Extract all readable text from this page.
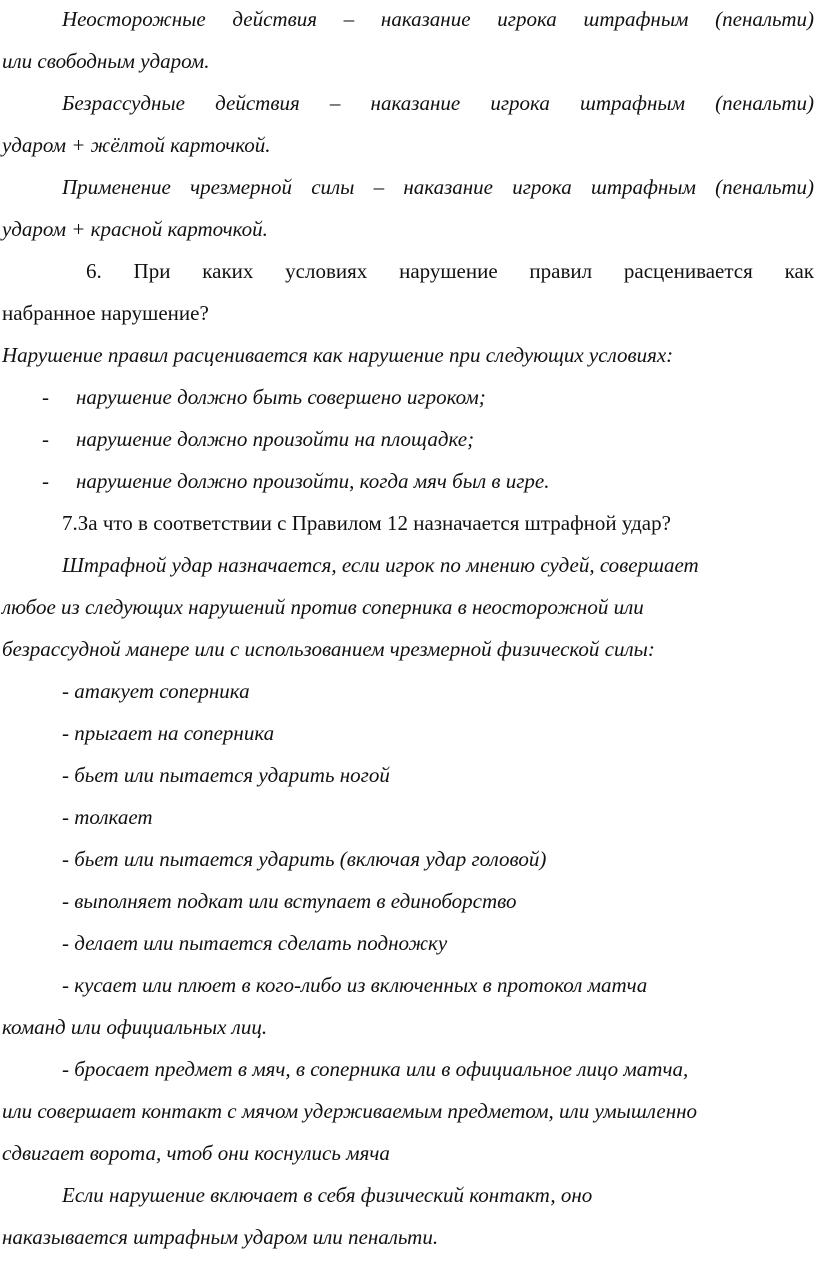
Неосторожные действия – наказание игрока штрафным (пенальти)
или свободным ударом.
Безрассудные действия – наказание игрока штрафным (пенальти)
ударом + жёлтой карточкой.
Применение чрезмерной силы – наказание игрока штрафным (пенальти)
ударом + красной карточкой.
6. При каких условиях нарушение правил расценивается как
набранное нарушение?
Нарушение правил расценивается как нарушение при следующих условиях:
- нарушение должно быть совершено игроком;
- нарушение должно произойти на площадке;
- нарушение должно произойти, когда мяч был в игре.
7.За что в соответствии с Правилом 12 назначается штрафной удар?
Штрафной удар назначается, если игрок по мнению судей, совершает
любое из следующих нарушений против соперника в неосторожной или
безрассудной манере или с использованием чрезмерной физической силы:
- атакует соперника
- прыгает на соперника
- бьет или пытается ударить ногой
- толкает
- бьет или пытается ударить (включая удар головой)
- выполняет подкат или вступает в единоборство
- делает или пытается сделать подножку
- кусает или плюет в кого-либо из включенных в протокол матча
команд или официальных лиц.
- бросает предмет в мяч, в соперника или в официальное лицо матча,
или совершает контакт с мячом удерживаемым предметом, или умышленно
сдвигает ворота, чтоб они коснулись мяча
Если нарушение включает в себя физический контакт, оно
наказывается штрафным ударом или пенальти.
